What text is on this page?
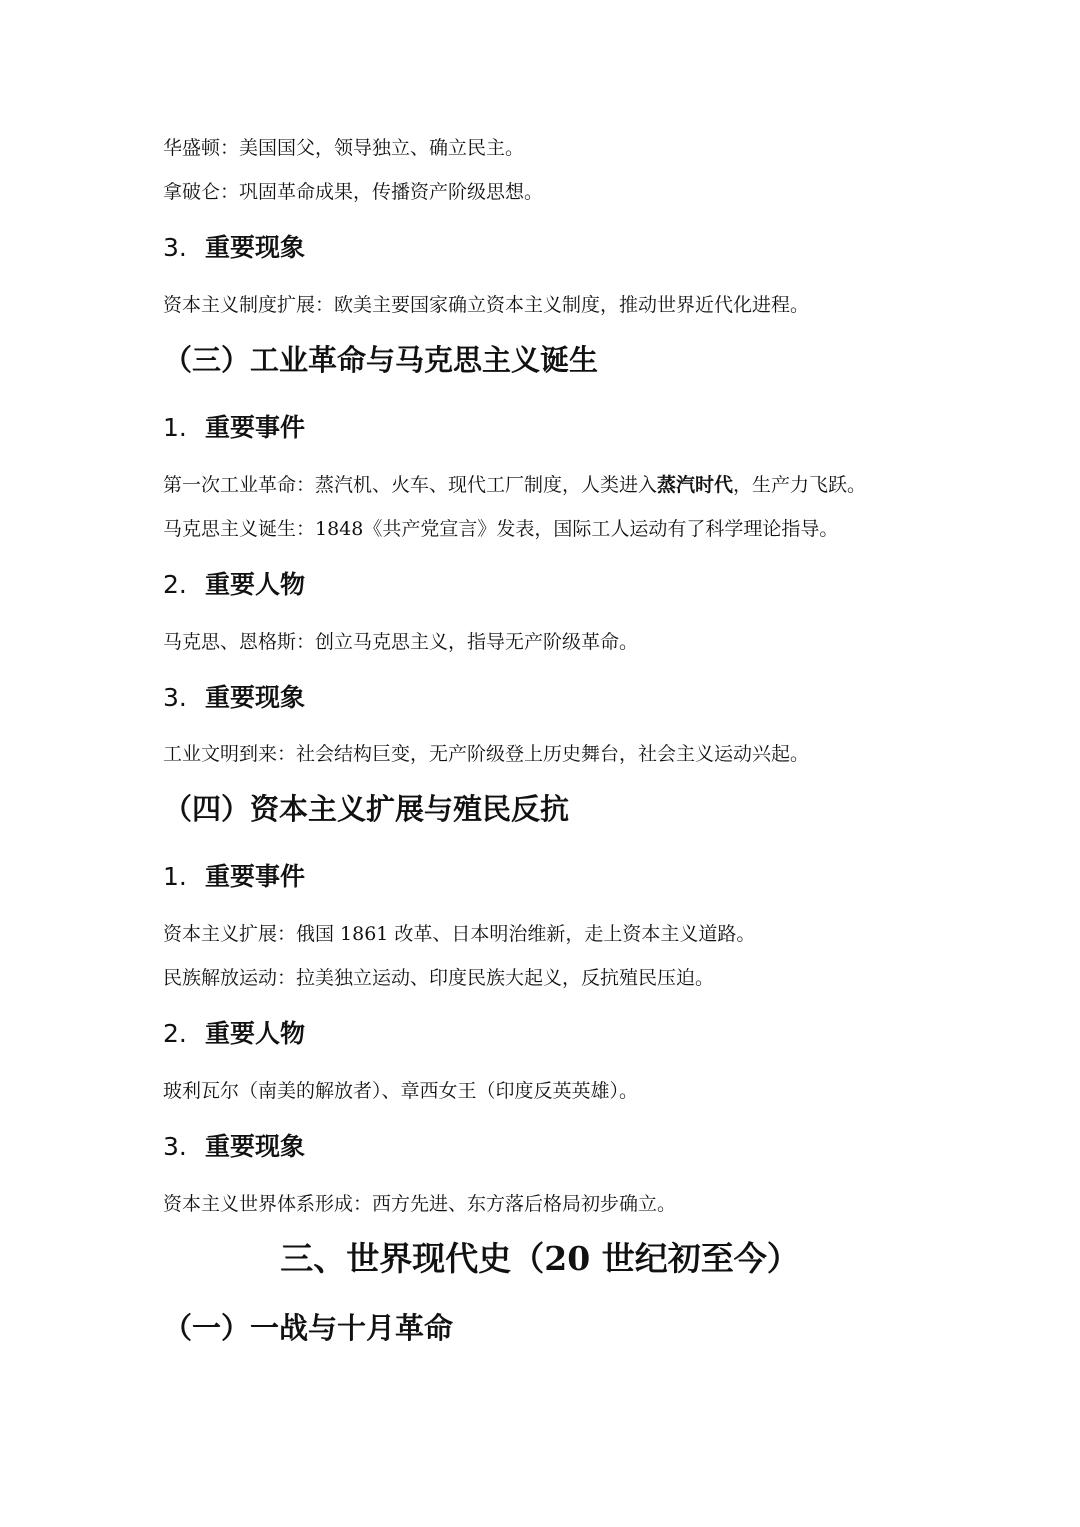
华盛顿：美国国父，领导独立、确立民主。

拿破仑：巩固革命成果，传播资产阶级思想。

3. 重要现象

资本主义制度扩展：欧美主要国家确立资本主义制度，推动世界近代化进程。

（三）工业革命与马克思主义诞生
1. 重要事件

第一次工业革命：蒸汽机、火车、现代工厂制度，人类进入蒸汽时代，生产力飞跃。

马克思主义诞生：1848《共产党宣言》发表，国际工人运动有了科学理论指导。

2. 重要人物

马克思、恩格斯：创立马克思主义，指导无产阶级革命。

3. 重要现象

工业文明到来：社会结构巨变，无产阶级登上历史舞台，社会主义运动兴起。

（四）资本主义扩展与殖民反抗
1. 重要事件

资本主义扩展：俄国 1861 改革、日本明治维新，走上资本主义道路。

民族解放运动：拉美独立运动、印度民族大起义，反抗殖民压迫。

2. 重要人物

玻利瓦尔（南美的解放者）、章西女王（印度反英英雄）。

3. 重要现象

资本主义世界体系形成：西方先进、东方落后格局初步确立。

三、世界现代史（20 世纪初至今）
（一）一战与十月革命
